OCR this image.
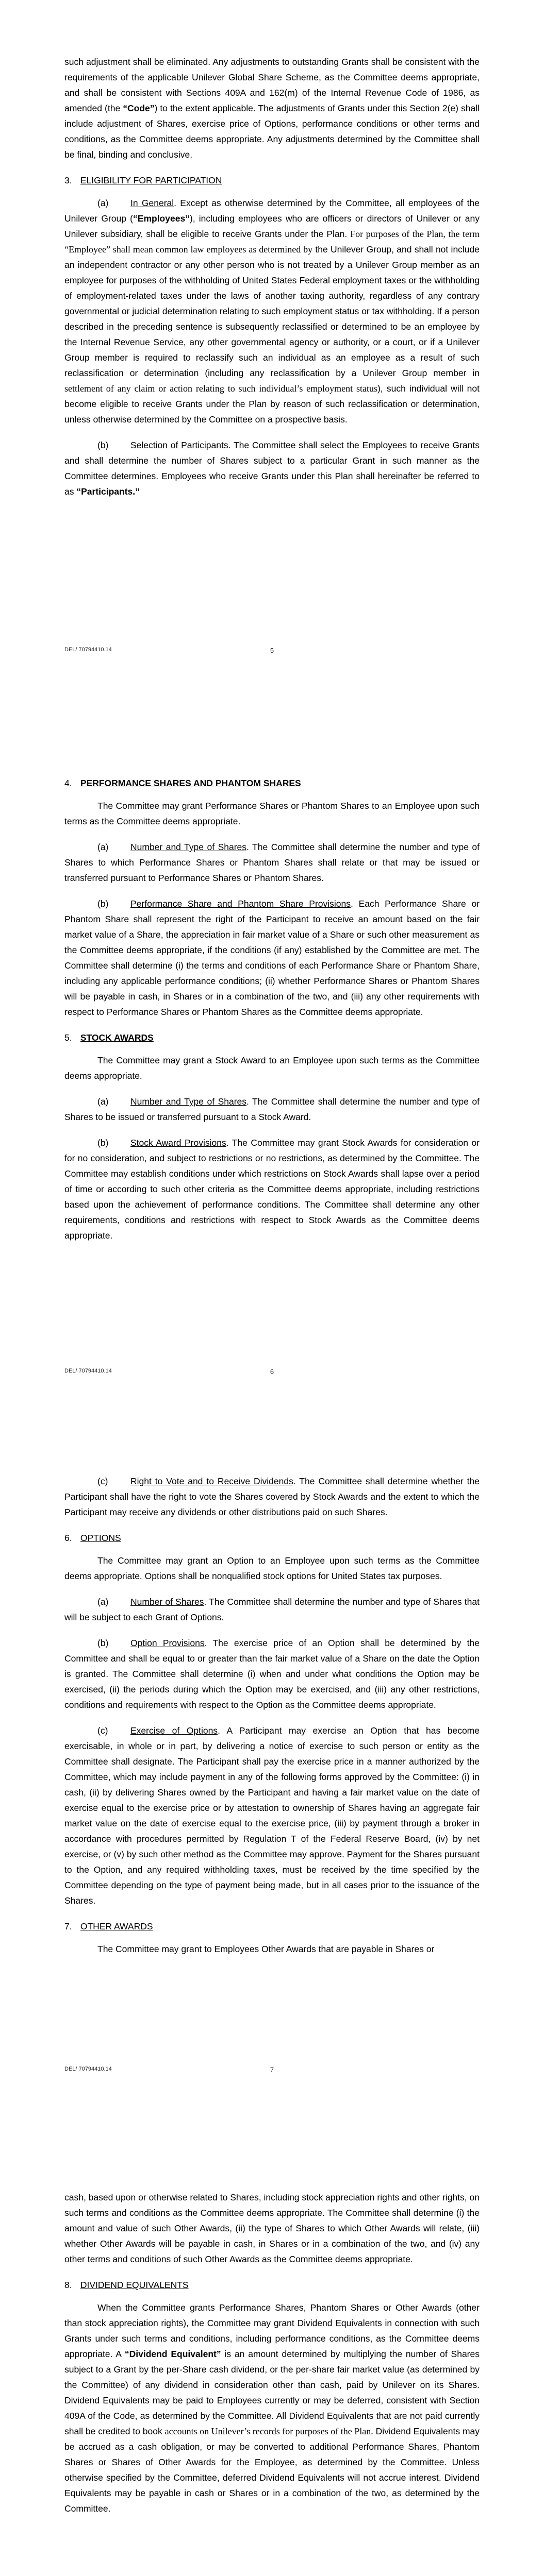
such adjustment shall be eliminated. Any adjustments to outstanding Grants shall be consistent with the requirements of the applicable Unilever Global Share Scheme, as the Committee deems appropriate, and shall be consistent with Sections 409A and 162(m) of the Internal Revenue Code of 1986, as amended (the “Code”) to the extent applicable. The adjustments of Grants under this Section 2(e) shall include adjustment of Shares, exercise price of Options, performance conditions or other terms and conditions, as the Committee deems appropriate. Any adjustments determined by the Committee shall be final, binding and conclusive.

3. ELIGIBILITY FOR PARTICIPATION

(a) In General. Except as otherwise determined by the Committee, all employees of the Unilever Group (“Employees”), including employees who are officers or directors of Unilever or any Unilever subsidiary, shall be eligible to receive Grants under the Plan. For purposes of the Plan, the term “Employee” shall mean common law employees as determined by the Unilever Group, and shall not include an independent contractor or any other person who is not treated by a Unilever Group member as an employee for purposes of the withholding of United States Federal employment taxes or the withholding of employment-related taxes under the laws of another taxing authority, regardless of any contrary governmental or judicial determination relating to such employment status or tax withholding. If a person described in the preceding sentence is subsequently reclassified or determined to be an employee by the Internal Revenue Service, any other governmental agency or authority, or a court, or if a Unilever Group member is required to reclassify such an individual as an employee as a result of such reclassification or determination (including any reclassification by a Unilever Group member in settlement of any claim or action relating to such individual’s employment status), such individual will not become eligible to receive Grants under the Plan by reason of such reclassification or determination, unless otherwise determined by the Committee on a prospective basis.

(b) Selection of Participants. The Committee shall select the Employees to receive Grants and shall determine the number of Shares subject to a particular Grant in such manner as the Committee determines. Employees who receive Grants under this Plan shall hereinafter be referred to as “Participants.”

DEL/ 70794410.14	5
4. PERFORMANCE SHARES AND PHANTOM SHARES

The Committee may grant Performance Shares or Phantom Shares to an Employee upon such terms as the Committee deems appropriate.

(a) Number and Type of Shares. The Committee shall determine the number and type of Shares to which Performance Shares or Phantom Shares shall relate or that may be issued or transferred pursuant to Performance Shares or Phantom Shares.

(b) Performance Share and Phantom Share Provisions. Each Performance Share or Phantom Share shall represent the right of the Participant to receive an amount based on the fair market value of a Share, the appreciation in fair market value of a Share or such other measurement as the Committee deems appropriate, if the conditions (if any) established by the Committee are met. The Committee shall determine (i) the terms and conditions of each Performance Share or Phantom Share, including any applicable performance conditions; (ii) whether Performance Shares or Phantom Shares will be payable in cash, in Shares or in a combination of the two, and (iii) any other requirements with respect to Performance Shares or Phantom Shares as the Committee deems appropriate.

5. STOCK AWARDS

The Committee may grant a Stock Award to an Employee upon such terms as the Committee deems appropriate.

(a) Number and Type of Shares. The Committee shall determine the number and type of Shares to be issued or transferred pursuant to a Stock Award.

(b) Stock Award Provisions. The Committee may grant Stock Awards for consideration or for no consideration, and subject to restrictions or no restrictions, as determined by the Committee. The Committee may establish conditions under which restrictions on Stock Awards shall lapse over a period of time or according to such other criteria as the Committee deems appropriate, including restrictions based upon the achievement of performance conditions. The Committee shall determine any other requirements, conditions and restrictions with respect to Stock Awards as the Committee deems appropriate.

DEL/ 70794410.14	6

(c) Right to Vote and to Receive Dividends. The Committee shall determine whether the Participant shall have the right to vote the Shares covered by Stock Awards and the extent to which the Participant may receive any dividends or other distributions paid on such Shares.

6. OPTIONS

The Committee may grant an Option to an Employee upon such terms as the Committee deems appropriate. Options shall be nonqualified stock options for United States tax purposes.

(a) Number of Shares. The Committee shall determine the number and type of Shares that will be subject to each Grant of Options.

(b) Option Provisions. The exercise price of an Option shall be determined by the Committee and shall be equal to or greater than the fair market value of a Share on the date the Option is granted. The Committee shall determine (i) when and under what conditions the Option may be exercised, (ii) the periods during which the Option may be exercised, and (iii) any other restrictions, conditions and requirements with respect to the Option as the Committee deems appropriate.

(c) Exercise of Options. A Participant may exercise an Option that has become exercisable, in whole or in part, by delivering a notice of exercise to such person or entity as the Committee shall designate. The Participant shall pay the exercise price in a manner authorized by the Committee, which may include payment in any of the following forms approved by the Committee: (i) in cash, (ii) by delivering Shares owned by the Participant and having a fair market value on the date of exercise equal to the exercise price or by attestation to ownership of Shares having an aggregate fair market value on the date of exercise equal to the exercise price, (iii) by payment through a broker in accordance with procedures permitted by Regulation T of the Federal Reserve Board, (iv) by net exercise, or (v) by such other method as the Committee may approve. Payment for the Shares pursuant to the Option, and any required withholding taxes, must be received by the time specified by the Committee depending on the type of payment being made, but in all cases prior to the issuance of the Shares.

7. OTHER AWARDS

The Committee may grant to Employees Other Awards that are payable in Shares or

DEL/ 70794410.14	7

cash, based upon or otherwise related to Shares, including stock appreciation rights and other rights, on such terms and conditions as the Committee deems appropriate. The Committee shall determine (i) the amount and value of such Other Awards, (ii) the type of Shares to which Other Awards will relate, (iii) whether Other Awards will be payable in cash, in Shares or in a combination of the two, and (iv) any other terms and conditions of such Other Awards as the Committee deems appropriate.

8. DIVIDEND EQUIVALENTS

When the Committee grants Performance Shares, Phantom Shares or Other Awards (other than stock appreciation rights), the Committee may grant Dividend Equivalents in connection with such Grants under such terms and conditions, including performance conditions, as the Committee deems appropriate. A “Dividend Equivalent” is an amount determined by multiplying the number of Shares subject to a Grant by the per-Share cash dividend, or the per-share fair market value (as determined by the Committee) of any dividend in consideration other than cash, paid by Unilever on its Shares. Dividend Equivalents may be paid to Employees currently or may be deferred, consistent with Section 409A of the Code, as determined by the Committee. All Dividend Equivalents that are not paid currently shall be credited to book accounts on Unilever’s records for purposes of the Plan. Dividend Equivalents may be accrued as a cash obligation, or may be converted to additional Performance Shares, Phantom Shares or Shares of Other Awards for the Employee, as determined by the Committee. Unless otherwise specified by the Committee, deferred Dividend Equivalents will not accrue interest. Dividend Equivalents may be payable in cash or Shares or in a combination of the two, as determined by the Committee.
